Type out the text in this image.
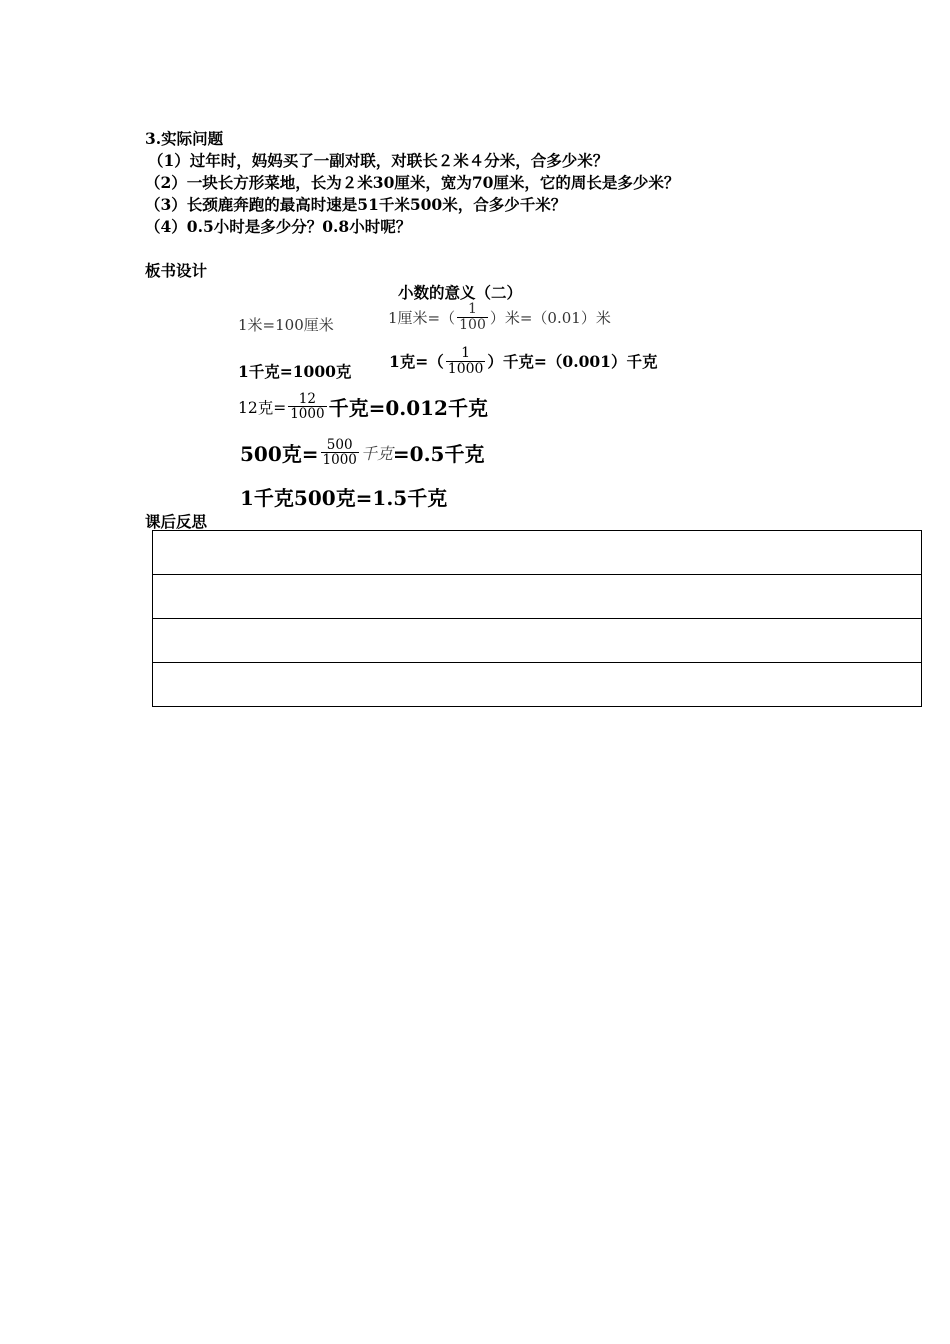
3.实际问题
（1）过年时，妈妈买了一副对联，对联长２米４分米，合多少米？
（2）一块长方形菜地，长为２米30厘米，宽为70厘米，它的周长是多少米？
（3）长颈鹿奔跑的最高时速是51千米500米，合多少千米？
（4）0.5小时是多少分？0.8小时呢？
板书设计
小数的意义（二）
1米=100厘米	1厘米=（ $\frac{1}{100}$ ）米=（0.01）米
1千克=1000克
1克=（ $\frac{1}{1000}$ ）千克=（0.001）千克
12克= $\frac{12}{1000}$ 千克=0.012千克
500克= $\frac{500}{1000}$ 千克 =0.5千克
1千克500克=1.5千克
课后反思
